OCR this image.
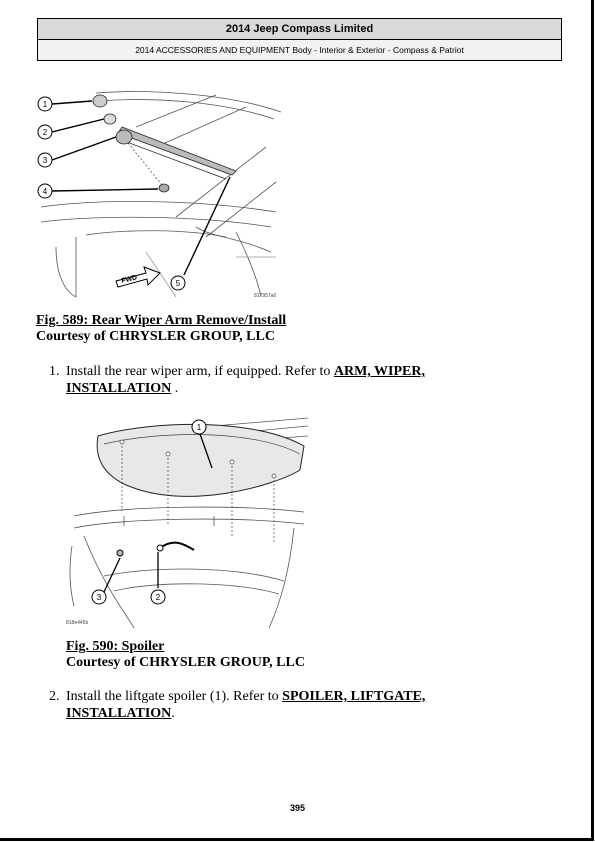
2014 Jeep Compass Limited
2014 ACCESSORIES AND EQUIPMENT Body - Interior & Exterior - Compass & Patriot
1
2
3
4
5
FWD
817957a6
Fig. 589: Rear Wiper Arm Remove/Install
Courtesy of CHRYSLER GROUP, LLC
1. Install the rear wiper arm, if equipped. Refer to ARM, WIPER, INSTALLATION .
1
2
3
818e445b
Fig. 590: Spoiler
Courtesy of CHRYSLER GROUP, LLC
2. Install the liftgate spoiler (1). Refer to SPOILER, LIFTGATE, INSTALLATION.
395
